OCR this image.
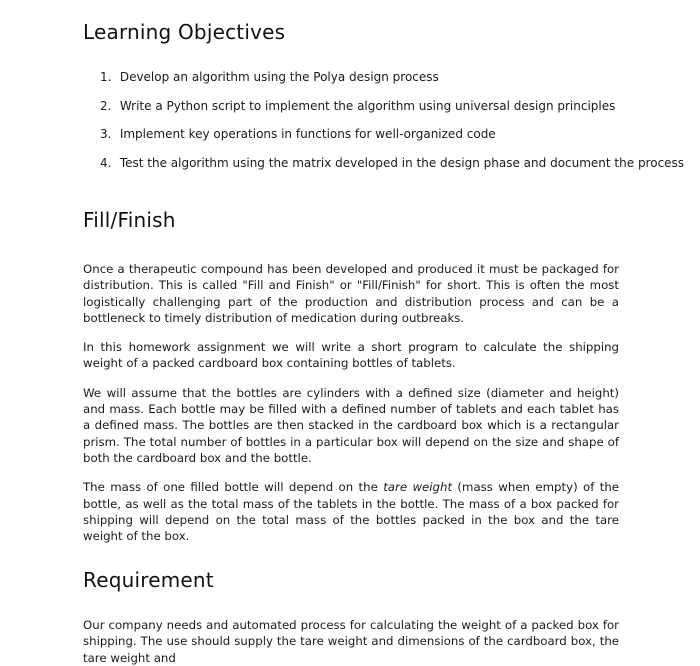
Learning Objectives
1. Develop an algorithm using the Polya design process
2. Write a Python script to implement the algorithm using universal design principles
3. Implement key operations in functions for well-organized code
4. Test the algorithm using the matrix developed in the design phase and document the process
Fill/Finish

Once a therapeutic compound has been developed and produced it must be packaged for distribution. This is called "Fill and Finish" or "Fill/Finish" for short. This is often the most logistically challenging part of the production and distribution process and can be a bottleneck to timely distribution of medication during outbreaks.

In this homework assignment we will write a short program to calculate the shipping weight of a packed cardboard box containing bottles of tablets.

We will assume that the bottles are cylinders with a defined size (diameter and height) and mass. Each bottle may be filled with a defined number of tablets and each tablet has a defined mass. The bottles are then stacked in the cardboard box which is a rectangular prism. The total number of bottles in a particular box will depend on the size and shape of both the cardboard box and the bottle.

The mass of one filled bottle will depend on the tare weight (mass when empty) of the bottle, as well as the total mass of the tablets in the bottle. The mass of a box packed for shipping will depend on the total mass of the bottles packed in the box and the tare weight of the box.

Requirement

Our company needs and automated process for calculating the weight of a packed box for shipping. The use should supply the tare weight and dimensions of the cardboard box, the tare weight and
